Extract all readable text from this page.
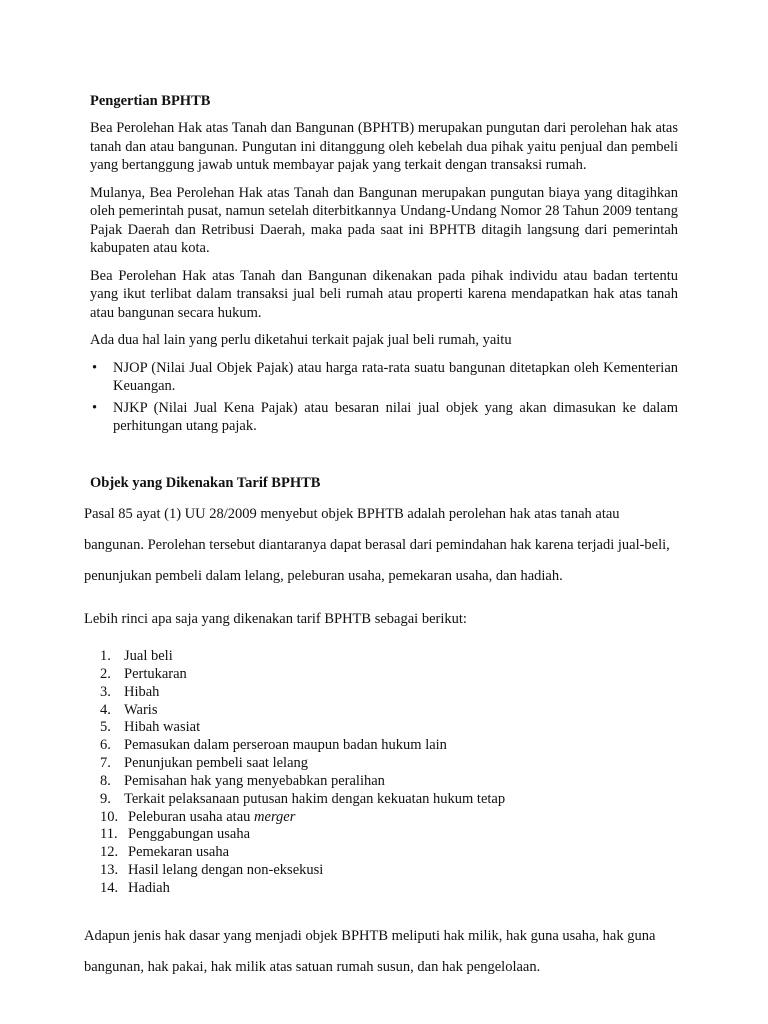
Pengertian BPHTB

Bea Perolehan Hak atas Tanah dan Bangunan (BPHTB) merupakan pungutan dari perolehan hak atas tanah dan atau bangunan. Pungutan ini ditanggung oleh kebelah dua pihak yaitu penjual dan pembeli yang bertanggung jawab untuk membayar pajak yang terkait dengan transaksi rumah.

Mulanya, Bea Perolehan Hak atas Tanah dan Bangunan merupakan pungutan biaya yang ditagihkan oleh pemerintah pusat, namun setelah diterbitkannya Undang-Undang Nomor 28 Tahun 2009 tentang Pajak Daerah dan Retribusi Daerah, maka pada saat ini BPHTB ditagih langsung dari pemerintah kabupaten atau kota.

Bea Perolehan Hak atas Tanah dan Bangunan dikenakan pada pihak individu atau badan tertentu yang ikut terlibat dalam transaksi jual beli rumah atau properti karena mendapatkan hak atas tanah atau bangunan secara hukum.

Ada dua hal lain yang perlu diketahui terkait pajak jual beli rumah, yaitu

• NJOP (Nilai Jual Objek Pajak) atau harga rata-rata suatu bangunan ditetapkan oleh Kementerian Keuangan.
• NJKP (Nilai Jual Kena Pajak) atau besaran nilai jual objek yang akan dimasukan ke dalam perhitungan utang pajak.
Objek yang Dikenakan Tarif BPHTB

Pasal 85 ayat (1) UU 28/2009 menyebut objek BPHTB adalah perolehan hak atas tanah atau bangunan. Perolehan tersebut diantaranya dapat berasal dari pemindahan hak karena terjadi jual-beli, penunjukan pembeli dalam lelang, peleburan usaha, pemekaran usaha, dan hadiah.

Lebih rinci apa saja yang dikenakan tarif BPHTB sebagai berikut:

1. Jual beli
2. Pertukaran
3. Hibah
4. Waris
5. Hibah wasiat
6. Pemasukan dalam perseroan maupun badan hukum lain
7. Penunjukan pembeli saat lelang
8. Pemisahan hak yang menyebabkan peralihan
9. Terkait pelaksanaan putusan hakim dengan kekuatan hukum tetap
10. Peleburan usaha atau merger
11. Penggabungan usaha
12. Pemekaran usaha
13. Hasil lelang dengan non-eksekusi
14. Hadiah

Adapun jenis hak dasar yang menjadi objek BPHTB meliputi hak milik, hak guna usaha, hak guna bangunan, hak pakai, hak milik atas satuan rumah susun, dan hak pengelolaan.
